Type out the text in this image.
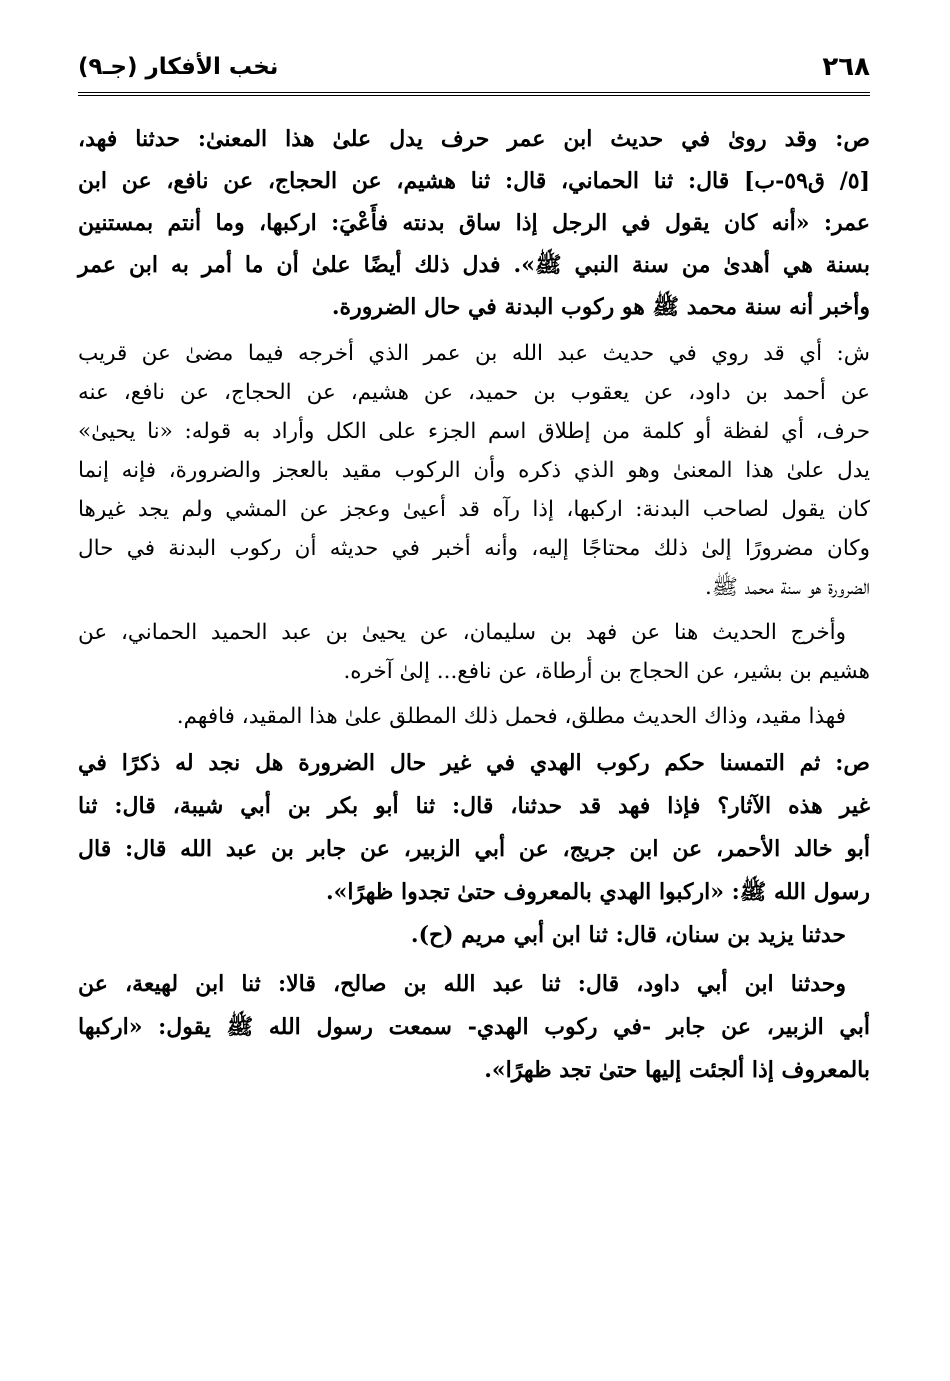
نخب الأفكار (جـ٩)	٢٦٨
ص: وقد روىٰ في حديث ابن عمر حرف يدل علىٰ هذا المعنىٰ: حدثنا فهد،
[٥/ ق٥٩-ب] قال: ثنا الحماني، قال: ثنا هشيم، عن الحجاج، عن نافع، عن ابن
عمر: «أنه كان يقول في الرجل إذا ساق بدنته فأَعْيَ: اركبها، وما أنتم بمستنين
بسنة هي أهدىٰ من سنة النبي ﷺ». فدل ذلك أيضًا علىٰ أن ما أمر به ابن عمر
وأخبر أنه سنة محمد ﷺ هو ركوب البدنة في حال الضرورة.
ش: أي قد روي في حديث عبد الله بن عمر الذي أخرجه فيما مضىٰ عن قريب
عن أحمد بن داود، عن يعقوب بن حميد، عن هشيم، عن الحجاج، عن نافع، عنه
حرف، أي لفظة أو كلمة من إطلاق اسم الجزء على الكل وأراد به قوله: «نا يحيىٰ»
يدل علىٰ هذا المعنىٰ وهو الذي ذكره وأن الركوب مقيد بالعجز والضرورة، فإنه إنما
كان يقول لصاحب البدنة: اركبها، إذا رآه قد أعيىٰ وعجز عن المشي ولم يجد غيرها
وكان مضرورًا إلىٰ ذلك محتاجًا إليه، وأنه أخبر في حديثه أن ركوب البدنة في حال
الضرورة هو سنة محمد ﷺ.
وأخرج الحديث هنا عن فهد بن سليمان، عن يحيىٰ بن عبد الحميد الحماني، عن
هشيم بن بشير، عن الحجاج بن أرطاة، عن نافع... إلىٰ آخره.
فهذا مقيد، وذاك الحديث مطلق، فحمل ذلك المطلق علىٰ هذا المقيد، فافهم.
ص: ثم التمسنا حكم ركوب الهدي في غير حال الضرورة هل نجد له ذكرًا في
غير هذه الآثار؟ فإذا فهد قد حدثنا، قال: ثنا أبو بكر بن أبي شيبة، قال: ثنا
أبو خالد الأحمر، عن ابن جريج، عن أبي الزبير، عن جابر بن عبد الله قال: قال
رسول الله ﷺ: «اركبوا الهدي بالمعروف حتىٰ تجدوا ظهرًا».
حدثنا يزيد بن سنان، قال: ثنا ابن أبي مريم (ح).
وحدثنا ابن أبي داود، قال: ثنا عبد الله بن صالح، قالا: ثنا ابن لهيعة، عن
أبي الزبير، عن جابر -في ركوب الهدي- سمعت رسول الله ﷺ يقول: «اركبها
بالمعروف إذا ألجئت إليها حتىٰ تجد ظهرًا».
